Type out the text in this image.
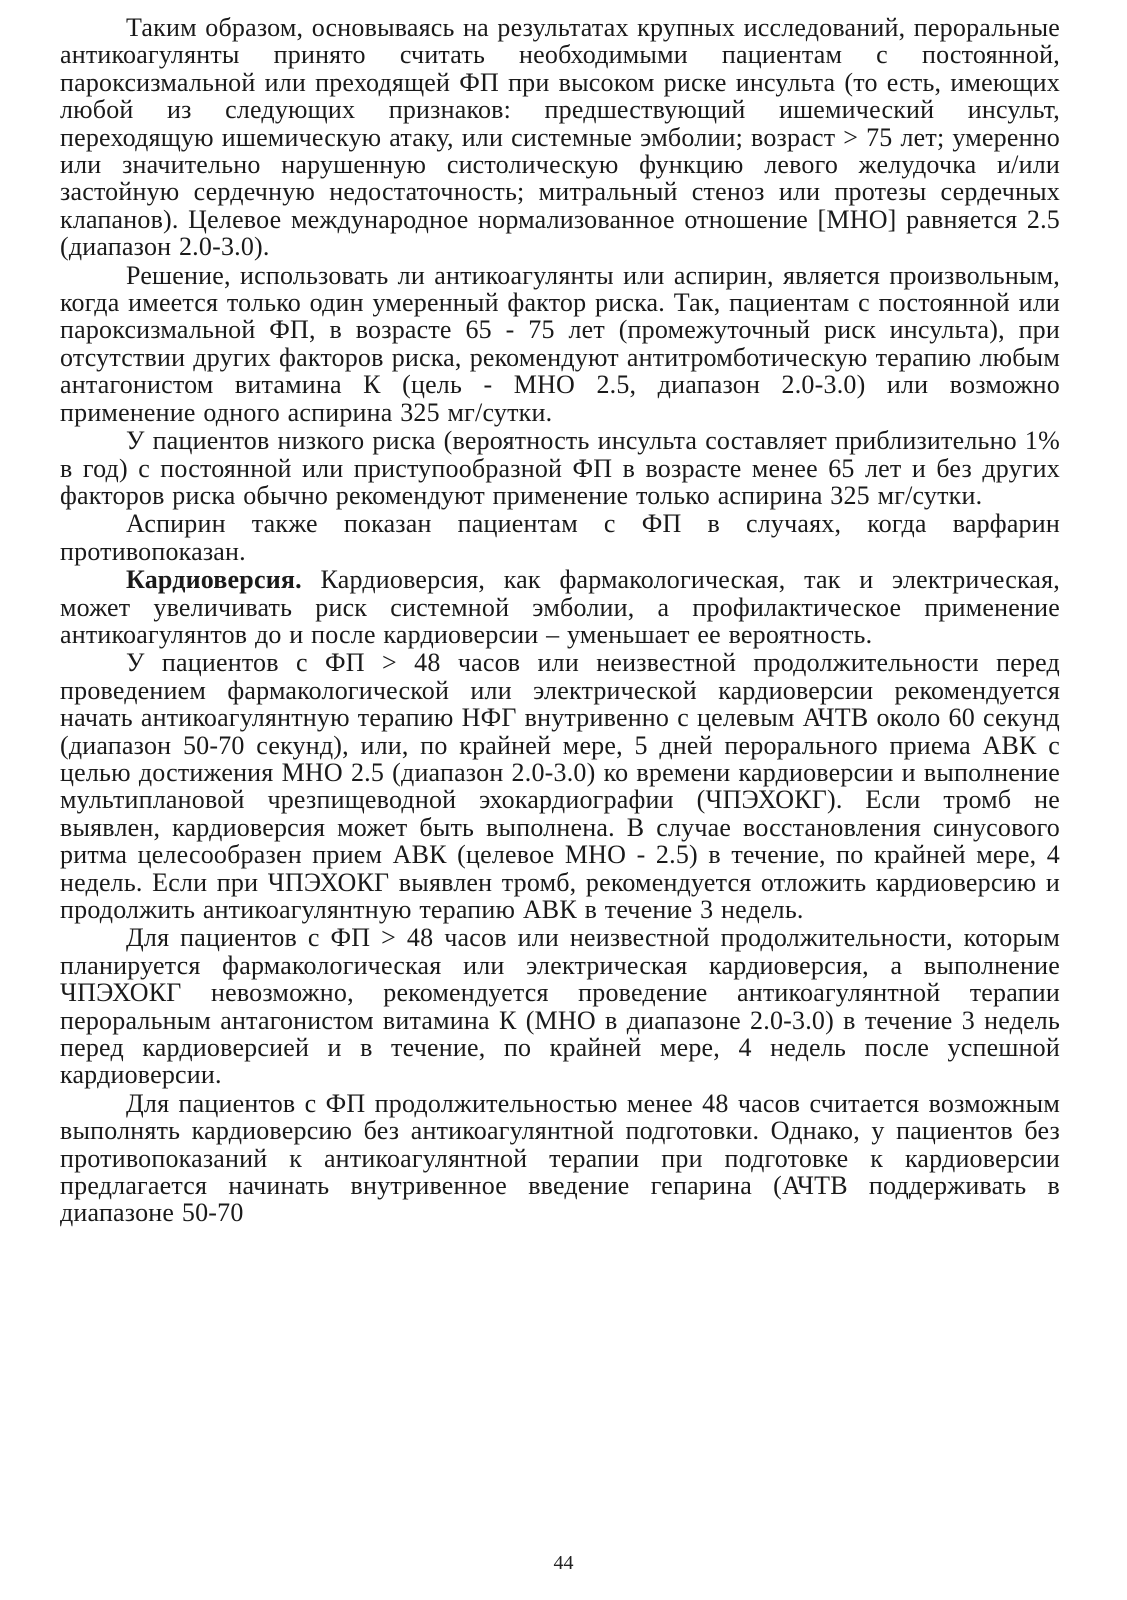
Таким образом, основываясь на результатах крупных исследований, пероральные антикоагулянты принято считать необходимыми пациентам с постоянной, пароксизмальной или преходящей ФП при высоком риске инсульта (то есть, имеющих любой из следующих признаков: предшествующий ишемический инсульт, переходящую ишемическую атаку, или системные эмболии; возраст > 75 лет; умеренно или значительно нарушенную систолическую функцию левого желудочка и/или застойную сердечную недостаточность; митральный стеноз или протезы сердечных клапанов). Целевое международное нормализованное отношение [МНО] равняется 2.5 (диапазон 2.0-3.0).

Решение, использовать ли антикоагулянты или аспирин, является произвольным, когда имеется только один умеренный фактор риска. Так, пациентам с постоянной или пароксизмальной ФП, в возрасте 65 - 75 лет (промежуточный риск инсульта), при отсутствии других факторов риска, рекомендуют антитромботическую терапию любым антагонистом витамина К (цель - МНО 2.5, диапазон 2.0-3.0) или возможно применение одного аспирина 325 мг/сутки.

У пациентов низкого риска (вероятность инсульта составляет приблизительно 1% в год) с постоянной или приступообразной ФП в возрасте менее 65 лет и без других факторов риска обычно рекомендуют применение только аспирина 325 мг/сутки.

Аспирин также показан пациентам с ФП в случаях, когда варфарин противопоказан.

Кардиоверсия. Кардиоверсия, как фармакологическая, так и электрическая, может увеличивать риск системной эмболии, а профилактическое применение антикоагулянтов до и после кардиоверсии – уменьшает ее вероятность.

У пациентов с ФП > 48 часов или неизвестной продолжительности перед проведением фармакологической или электрической кардиоверсии рекомендуется начать антикоагулянтную терапию НФГ внутривенно с целевым АЧТВ около 60 секунд (диапазон 50-70 секунд), или, по крайней мере, 5 дней перорального приема АВК с целью достижения МНО 2.5 (диапазон 2.0-3.0) ко времени кардиоверсии и выполнение мультиплановой чрезпищеводной эхокардиографии (ЧПЭХОКГ). Если тромб не выявлен, кардиоверсия может быть выполнена. В случае восстановления синусового ритма целесообразен прием АВК (целевое МНО - 2.5) в течение, по крайней мере, 4 недель. Если при ЧПЭХОКГ выявлен тромб, рекомендуется отложить кардиоверсию и продолжить антикоагулянтную терапию АВК в течение 3 недель.

Для пациентов с ФП > 48 часов или неизвестной продолжительности, которым планируется фармакологическая или электрическая кардиоверсия, а выполнение ЧПЭХОКГ невозможно, рекомендуется проведение антикоагулянтной терапии пероральным антагонистом витамина К (МНО в диапазоне 2.0-3.0) в течение 3 недель перед кардиоверсией и в течение, по крайней мере, 4 недель после успешной кардиоверсии.

Для пациентов с ФП продолжительностью менее 48 часов считается возможным выполнять кардиоверсию без антикоагулянтной подготовки. Однако, у пациентов без противопоказаний к антикоагулянтной терапии при подготовке к кардиоверсии предлагается начинать внутривенное введение гепарина (АЧТВ поддерживать в диапазоне 50-70

44
